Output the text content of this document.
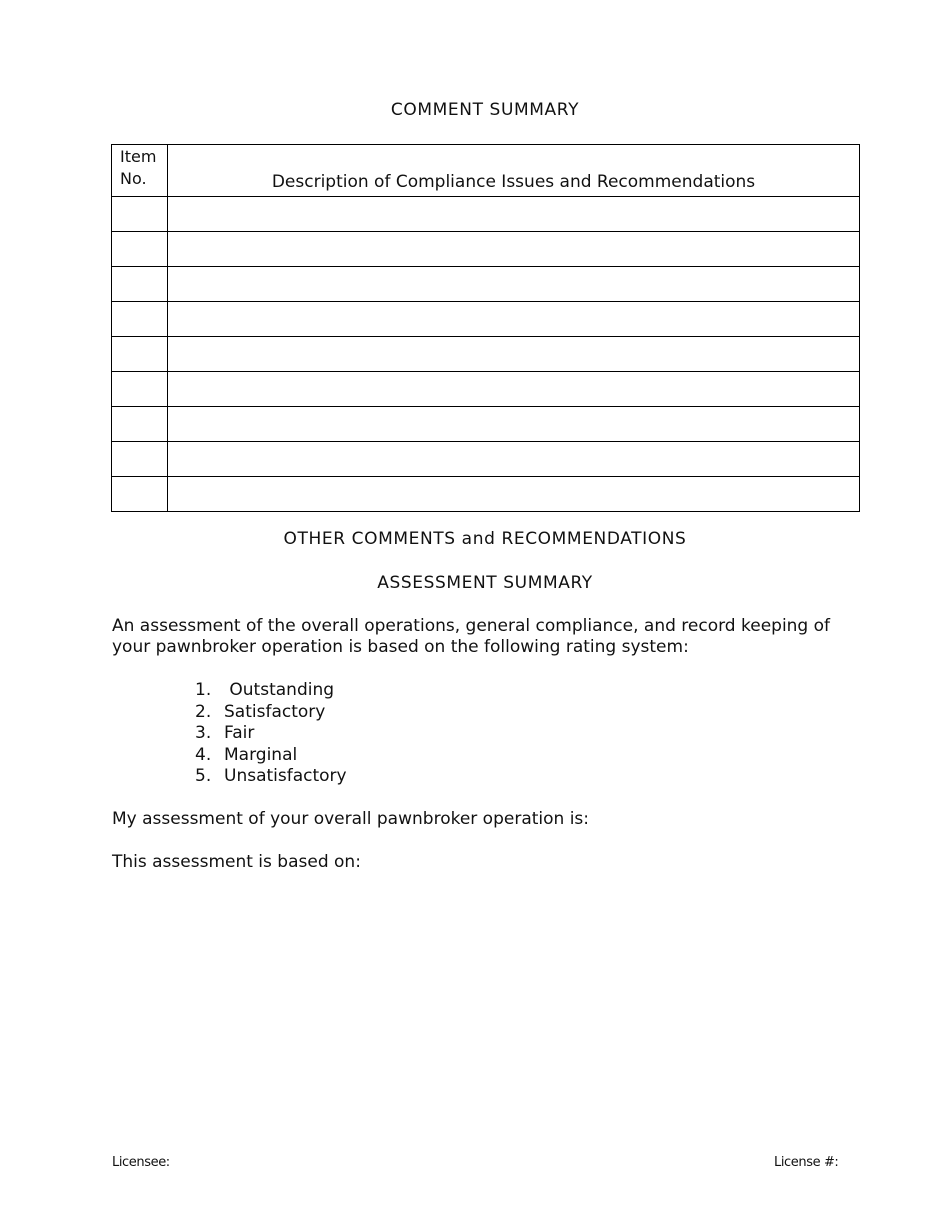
COMMENT SUMMARY
Item No.	Description of Compliance Issues and Recommendations

OTHER COMMENTS and RECOMMENDATIONS
ASSESSMENT SUMMARY
An assessment of the overall operations, general compliance, and record keeping of your pawnbroker operation is based on the following rating system:
1. Outstanding
2. Satisfactory
3. Fair
4. Marginal
5. Unsatisfactory
My assessment of your overall pawnbroker operation is:
This assessment is based on:
Licensee:	License #:
